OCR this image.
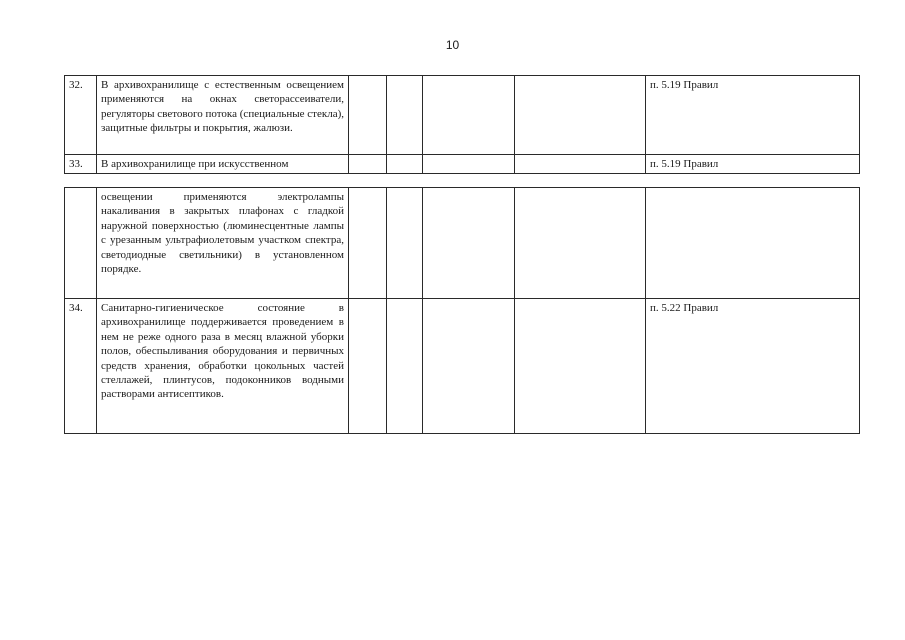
10
32.	В архивохранилище с естественным освещением применяются на окнах светорассеиватели, регуляторы светового потока (специальные стекла), защитные фильтры и покрытия, жалюзи.					п. 5.19 Правил
33.	В архивохранилище при искусственном					п. 5.19 Правил
	освещении применяются электролампы накаливания в закрытых плафонах с гладкой наружной поверхностью (люминесцентные лампы с урезанным ультрафиолетовым участком спектра, светодиодные светильники) в установленном порядке.					
34.	Санитарно-гигиеническое состояние в архивохранилище поддерживается проведением в нем не реже одного раза в месяц влажной уборки полов, обеспыливания оборудования и первичных средств хранения, обработки цокольных частей стеллажей, плинтусов, подоконников водными растворами антисептиков.					п. 5.22 Правил
